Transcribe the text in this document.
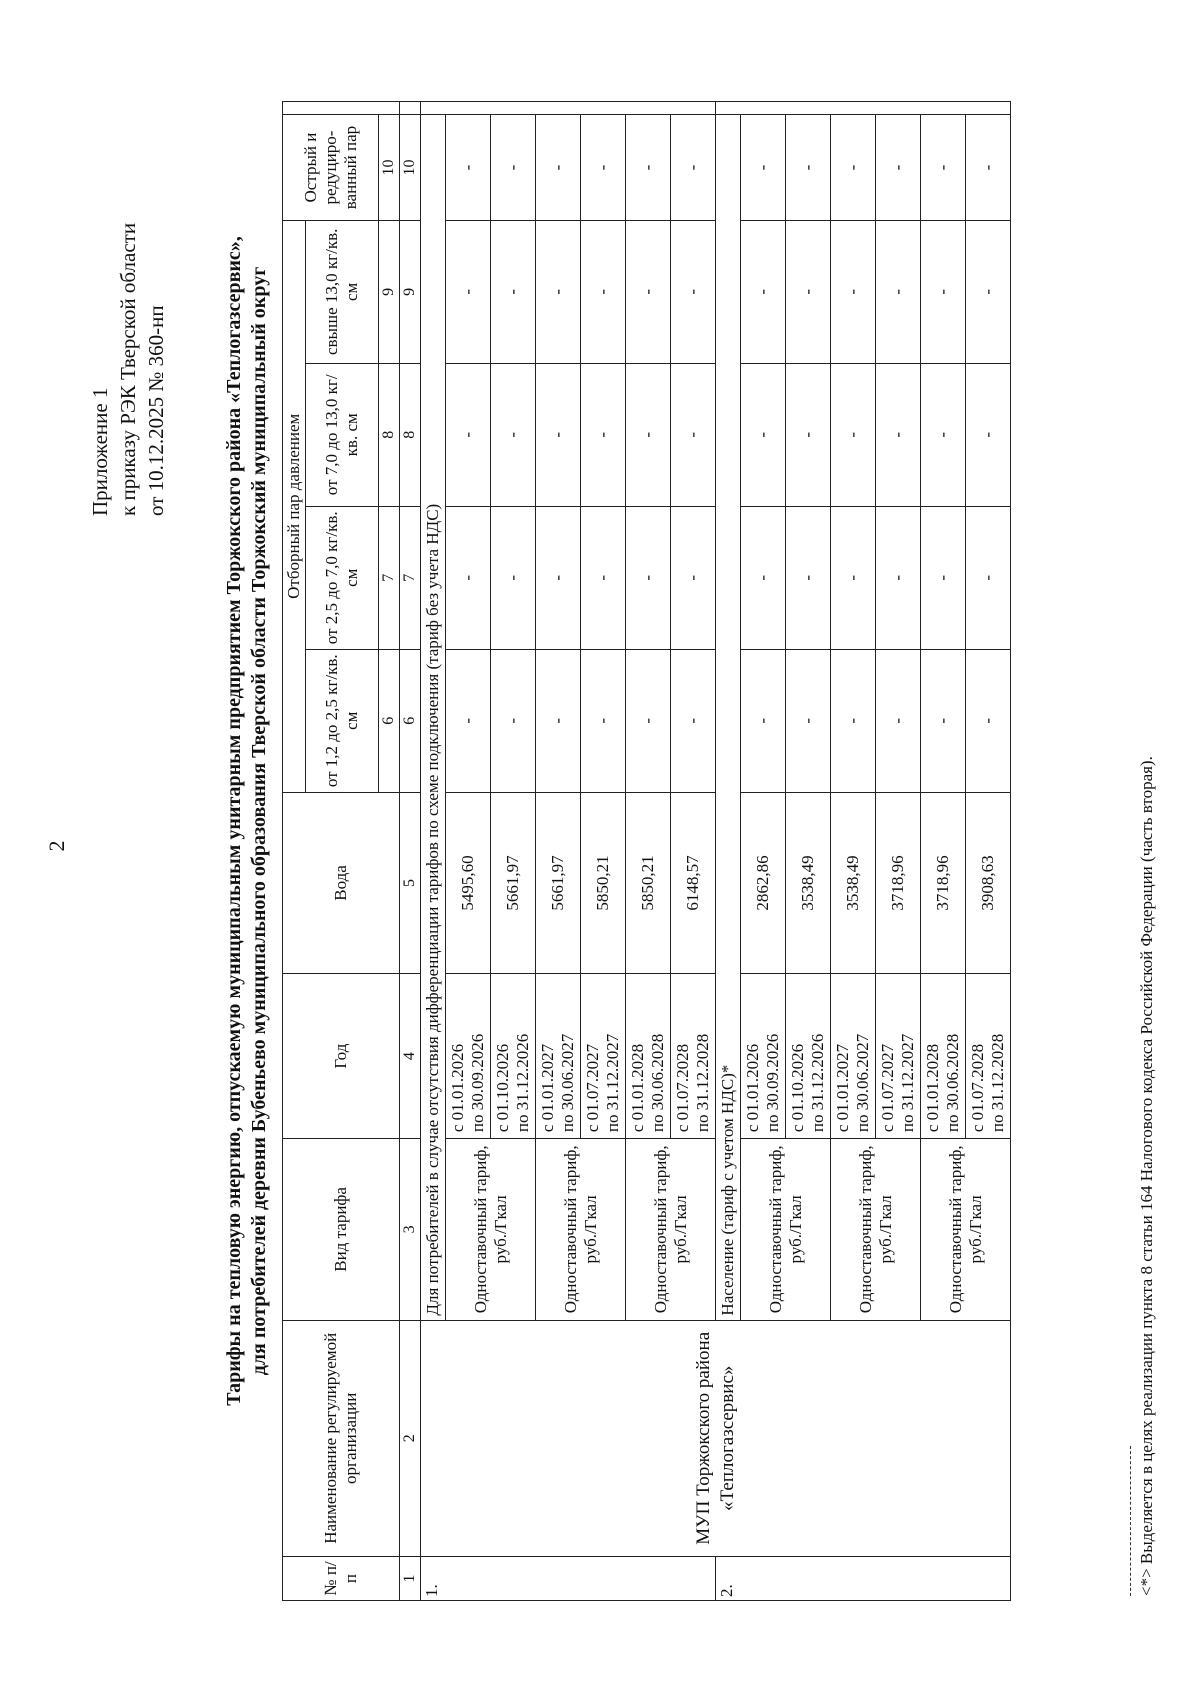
2
Приложение 1 к приказу РЭК Тверской области от 10.12.2025 № 360-нп	Тарифы на тепловую энергию, отпускаемую муниципальным унитарным предприятием Торжокского района «Теплогазсервис», для потребителей деревни Бубеньево муниципального образования Тверской области Торжокский муниципальный округ
№ п/ п	Наименование регулируемой организации	Вид тарифа	Год	Вода	Отборный пар давлением				Острый и редуциро- ванный пар	
					от 1,2 до 2,5 кг/кв. см	от 2,5 до 7,0 кг/кв. см	от 7,0 до 13,0 кг/кв. см	свыше 13,0 кг/кв. см		
					6	7	8	9	10	
1	2	3	4	5	6	7	8	9	10	
1.	МУП Торжокского района «Теплогазсервис»	Для потребителей в случае отсутствия дифференциации тарифов по схеме подключения (тариф без учета НДС)								
		Одноставочный тариф, руб./Гкал	с 01.01.2026 по 30.09.2026	5495,60	-	-	-	-	-	

			с 01.10.2026 по 31.12.2026	5661,97	-	-	-	-	-	
		Одноставочный тариф, руб./Гкал	с 01.01.2027 по 30.06.2027	5661,97	-	-	-	-	-	

			с 01.07.2027 по 31.12.2027	5850,21	-	-	-	-	-	
		Одноставочный тариф, руб./Гкал	с 01.01.2028 по 30.06.2028	5850,21	-	-	-	-	-	

			с 01.07.2028 по 31.12.2028	6148,57	-	-	-	-	-	
2.		Население (тариф с учетом НДС)*								
		Одноставочный тариф, руб./Гкал	с 01.01.2026 по 30.09.2026	2862,86	-	-	-	-	-	

			с 01.10.2026 по 31.12.2026	3538,49	-	-	-	-	-	
		Одноставочный тариф, руб./Гкал	с 01.01.2027 по 30.06.2027	3538,49	-	-	-	-	-	

			с 01.07.2027 по 31.12.2027	3718,96	-	-	-	-	-	
		Одноставочный тариф, руб./Гкал	с 01.01.2028 по 30.06.2028	3718,96	-	-	-	-	-	

			с 01.07.2028 по 31.12.2028	3908,63	-	-	-	-	-	
<*> Выделяется в целях реализации пункта 8 статьи 164 Налогового кодекса Российской Федерации (часть вторая).
